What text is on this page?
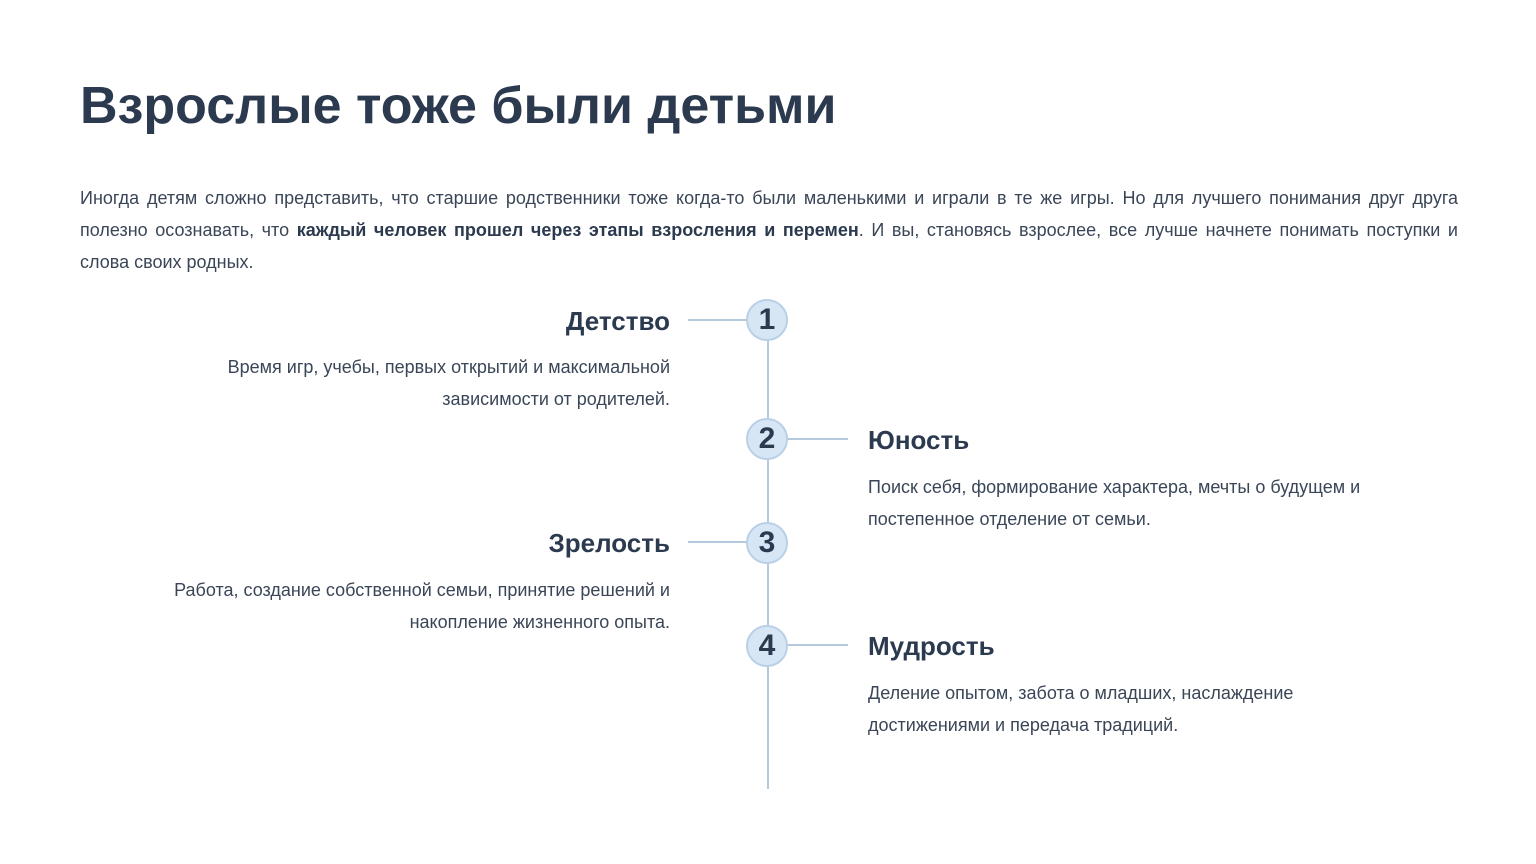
Взрослые тоже были детьми

Иногда детям сложно представить, что старшие родственники тоже когда-то были маленькими и играли в те же игры. Но для лучшего понимания друг друга полезно осознавать, что каждый человек прошел через этапы взросления и перемен. И вы, становясь взрослее, все лучше начнете понимать поступки и слова своих родных.

1
Детство

Время игр, учебы, первых открытий и максимальной зависимости от родителей.

2	Юность

Поиск себя, формирование характера, мечты о будущем и постепенное отделение от семьи.

3
Зрелость

Работа, создание собственной семьи, принятие решений и накопление жизненного опыта.

4	Мудрость

Деление опытом, забота о младших, наслаждение достижениями и передача традиций.
